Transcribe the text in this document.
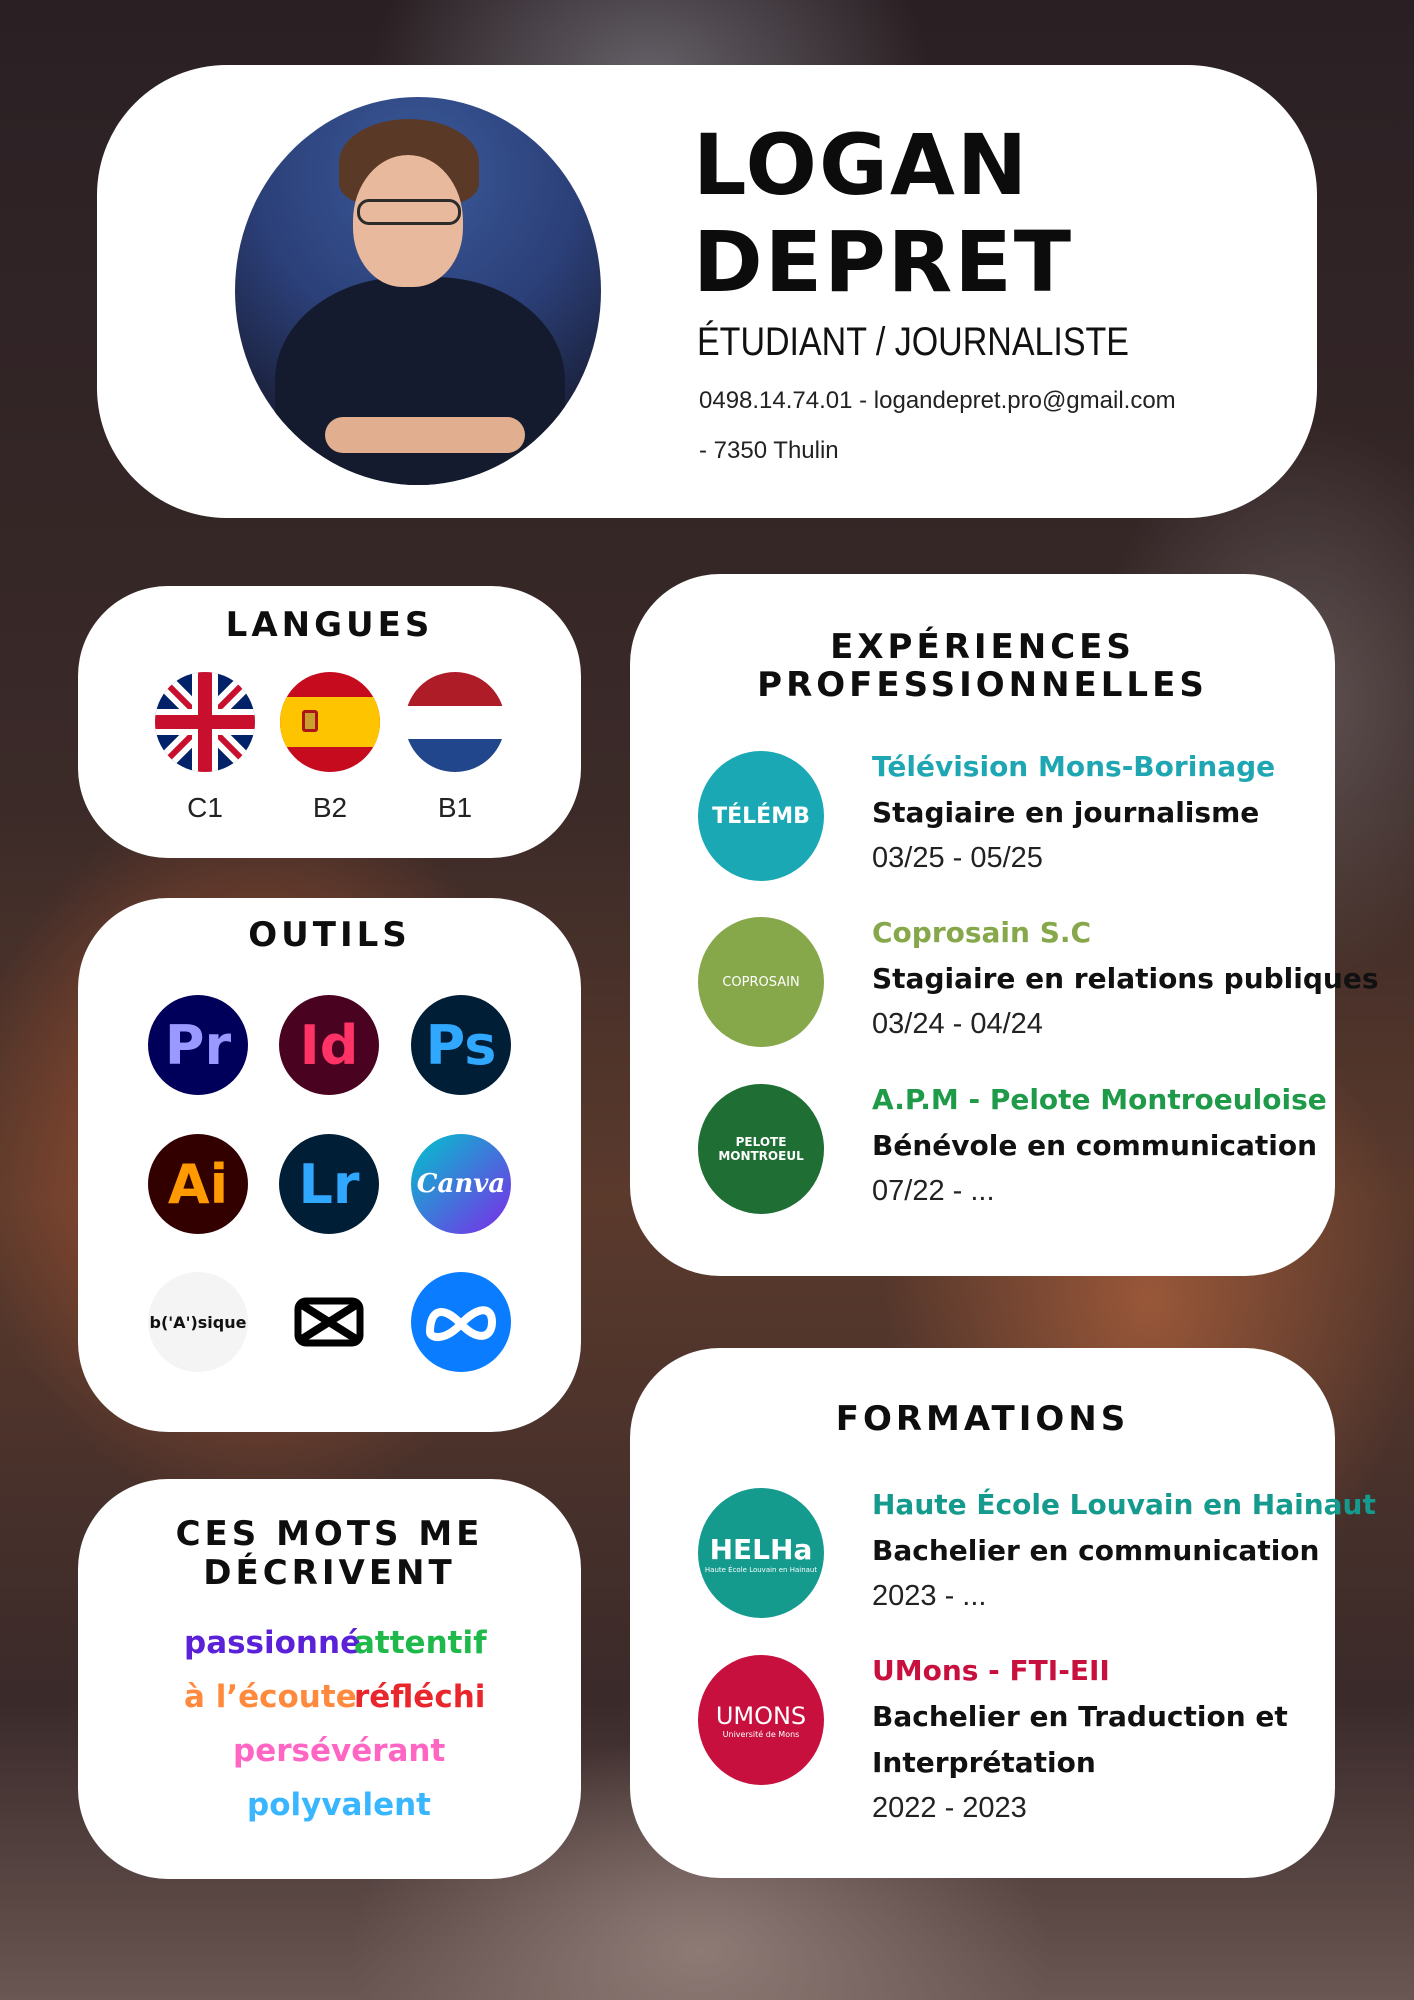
LOGAN
DEPRET
ÉTUDIANT / JOURNALISTE
0498.14.74.01 - logandepret.pro@gmail.com
- 7350 Thulin
LANGUES
C1	B2	B1
OUTILS
Pr	Id	Ps
Ai	Lr	Canva
b('A')sique
CES MOTS ME
DÉCRIVENT
passionné
attentif
à l’écoute
réfléchi
persévérant
polyvalent
EXPÉRIENCES
PROFESSIONNELLES
TÉLÉMB
Télévision Mons-Borinage
Stagiaire en journalisme
03/25 - 05/25
COPROSAIN
Coprosain S.C
Stagiaire en relations publiques
03/24 - 04/24
PELOTE MONTROEUL
A.P.M - Pelote Montroeuloise
Bénévole en communication
07/22 - ...
FORMATIONS
HELHa
Haute École Louvain en Hainaut
Haute École Louvain en Hainaut
Bachelier en communication
2023 - ...
UMONS
Université de Mons
UMons - FTI-EII
Bachelier en Traduction et
Interprétation
2022 - 2023
